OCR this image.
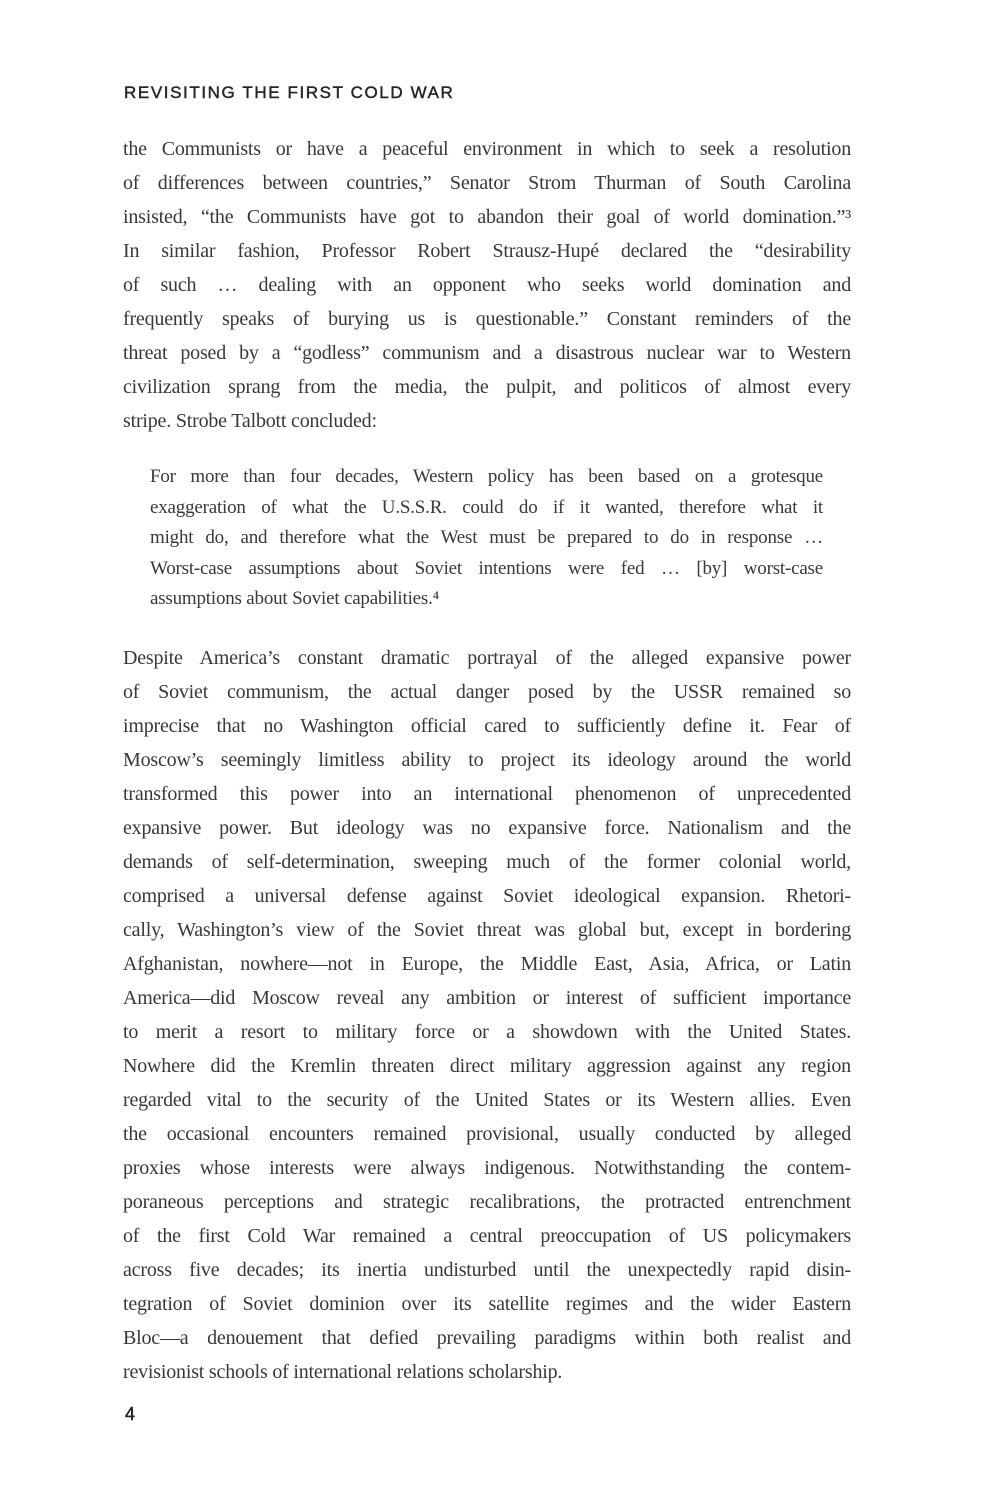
REVISITING THE FIRST COLD WAR
the Communists or have a peaceful environment in which to seek a resolution
of differences between countries,” Senator Strom Thurman of South Carolina
insisted, “the Communists have got to abandon their goal of world domination.”³
In similar fashion, Professor Robert Strausz-Hupé declared the “desirability
of such … dealing with an opponent who seeks world domination and
frequently speaks of burying us is questionable.” Constant reminders of the
threat posed by a “godless” communism and a disastrous nuclear war to Western
civilization sprang from the media, the pulpit, and politicos of almost every
stripe. Strobe Talbott concluded:
For more than four decades, Western policy has been based on a grotesque
exaggeration of what the U.S.S.R. could do if it wanted, therefore what it
might do, and therefore what the West must be prepared to do in response …
Worst-case assumptions about Soviet intentions were fed … [by] worst-case
assumptions about Soviet capabilities.⁴
Despite America’s constant dramatic portrayal of the alleged expansive power
of Soviet communism, the actual danger posed by the USSR remained so
imprecise that no Washington official cared to sufficiently define it. Fear of
Moscow’s seemingly limitless ability to project its ideology around the world
transformed this power into an international phenomenon of unprecedented
expansive power. But ideology was no expansive force. Nationalism and the
demands of self-determination, sweeping much of the former colonial world,
comprised a universal defense against Soviet ideological expansion. Rhetori-
cally, Washington’s view of the Soviet threat was global but, except in bordering
Afghanistan, nowhere—not in Europe, the Middle East, Asia, Africa, or Latin
America—did Moscow reveal any ambition or interest of sufficient importance
to merit a resort to military force or a showdown with the United States.
Nowhere did the Kremlin threaten direct military aggression against any region
regarded vital to the security of the United States or its Western allies. Even
the occasional encounters remained provisional, usually conducted by alleged
proxies whose interests were always indigenous. Notwithstanding the contem-
poraneous perceptions and strategic recalibrations, the protracted entrenchment
of the first Cold War remained a central preoccupation of US policymakers
across five decades; its inertia undisturbed until the unexpectedly rapid disin-
tegration of Soviet dominion over its satellite regimes and the wider Eastern
Bloc—a denouement that defied prevailing paradigms within both realist and
revisionist schools of international relations scholarship.
4
